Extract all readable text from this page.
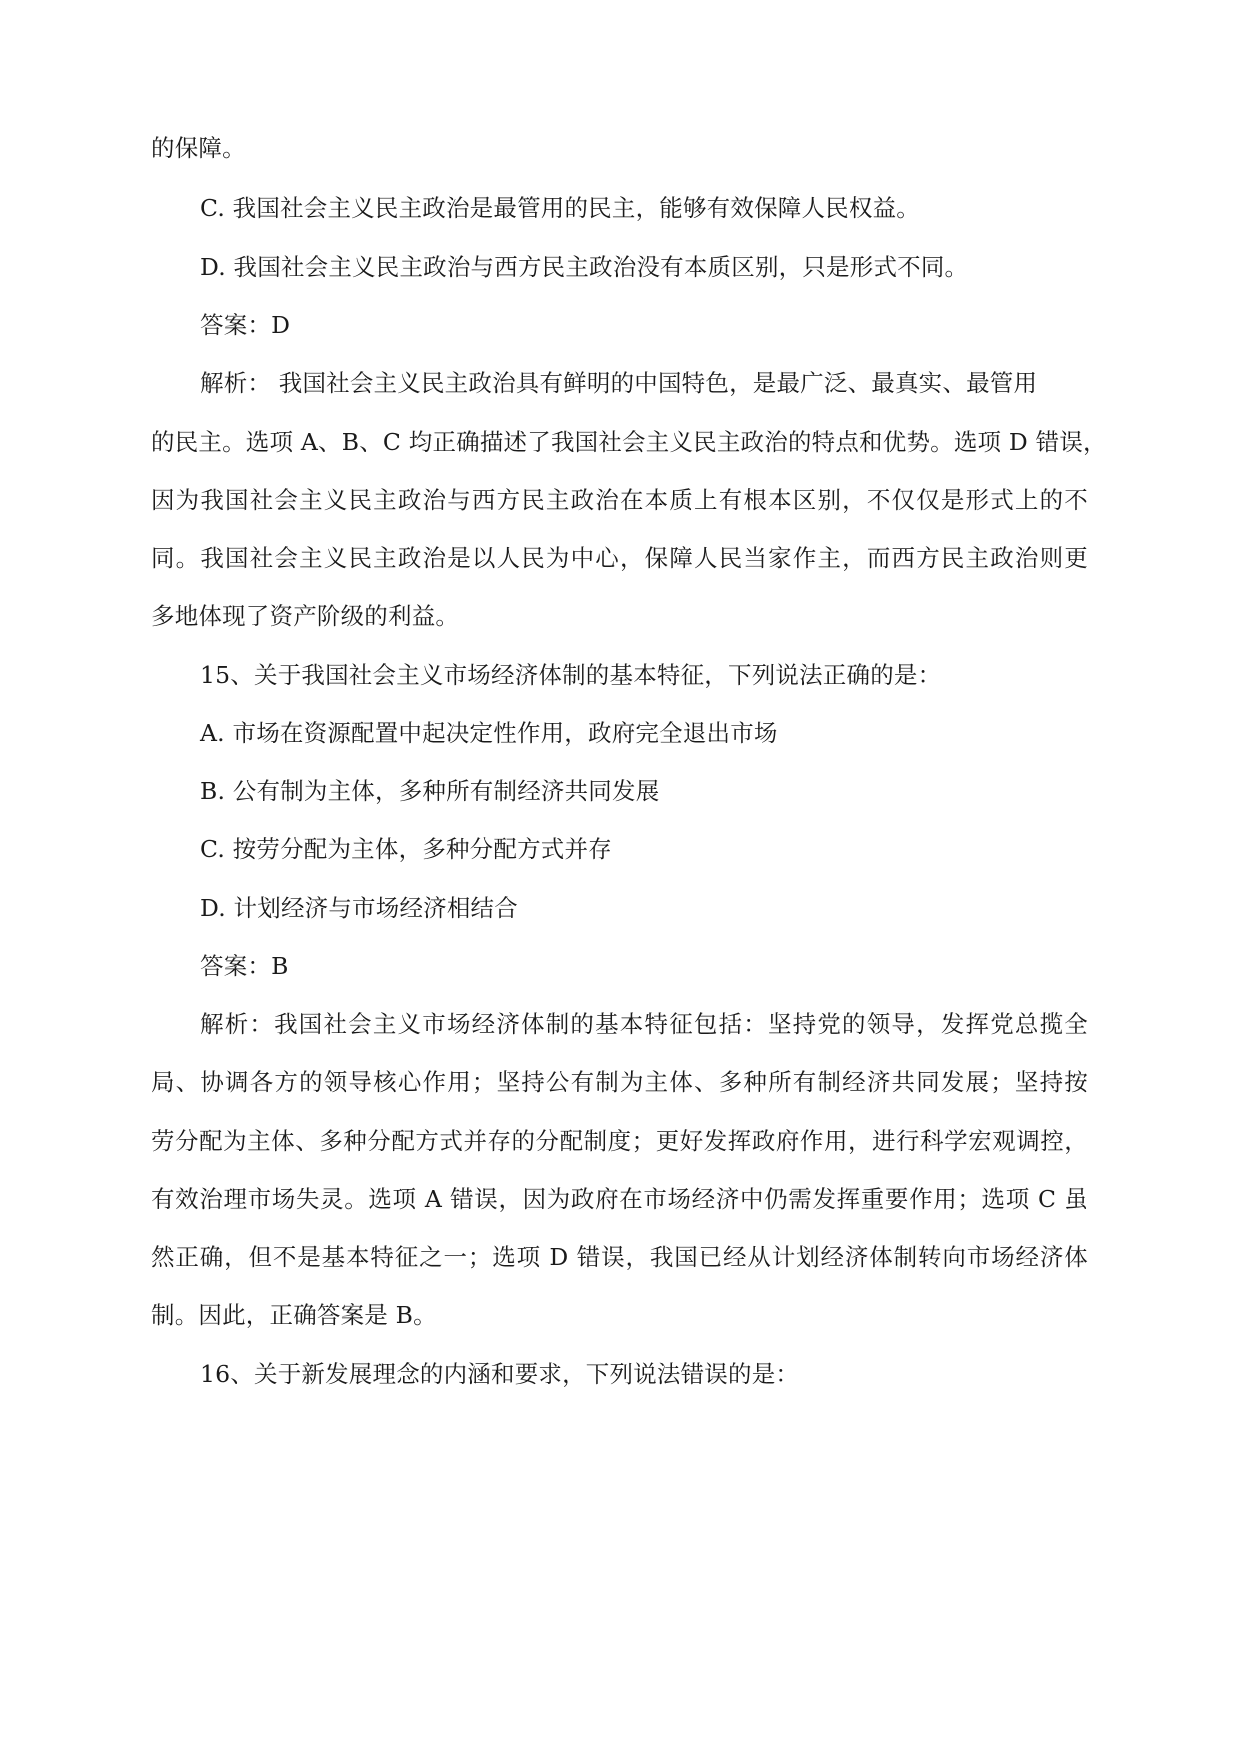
的保障。
C. 我国社会主义民主政治是最管用的民主，能够有效保障人民权益。
D. 我国社会主义民主政治与西方民主政治没有本质区别，只是形式不同。
答案：D
解析： 我国社会主义民主政治具有鲜明的中国特色，是最广泛、最真实、最管用
的民主。选项 A、B、C 均正确描述了我国社会主义民主政治的特点和优势。选项 D 错误，
因为我国社会主义民主政治与西方民主政治在本质上有根本区别，不仅仅是形式上的不
同。我国社会主义民主政治是以人民为中心，保障人民当家作主，而西方民主政治则更
多地体现了资产阶级的利益。
15、关于我国社会主义市场经济体制的基本特征，下列说法正确的是：
A. 市场在资源配置中起决定性作用，政府完全退出市场
B. 公有制为主体，多种所有制经济共同发展
C. 按劳分配为主体，多种分配方式并存
D. 计划经济与市场经济相结合
答案：B
解析：我国社会主义市场经济体制的基本特征包括：坚持党的领导，发挥党总揽全
局、协调各方的领导核心作用；坚持公有制为主体、多种所有制经济共同发展；坚持按
劳分配为主体、多种分配方式并存的分配制度；更好发挥政府作用，进行科学宏观调控，
有效治理市场失灵。选项 A 错误，因为政府在市场经济中仍需发挥重要作用；选项 C 虽
然正确，但不是基本特征之一；选项 D 错误，我国已经从计划经济体制转向市场经济体
制。因此，正确答案是 B。
16、关于新发展理念的内涵和要求，下列说法错误的是：
